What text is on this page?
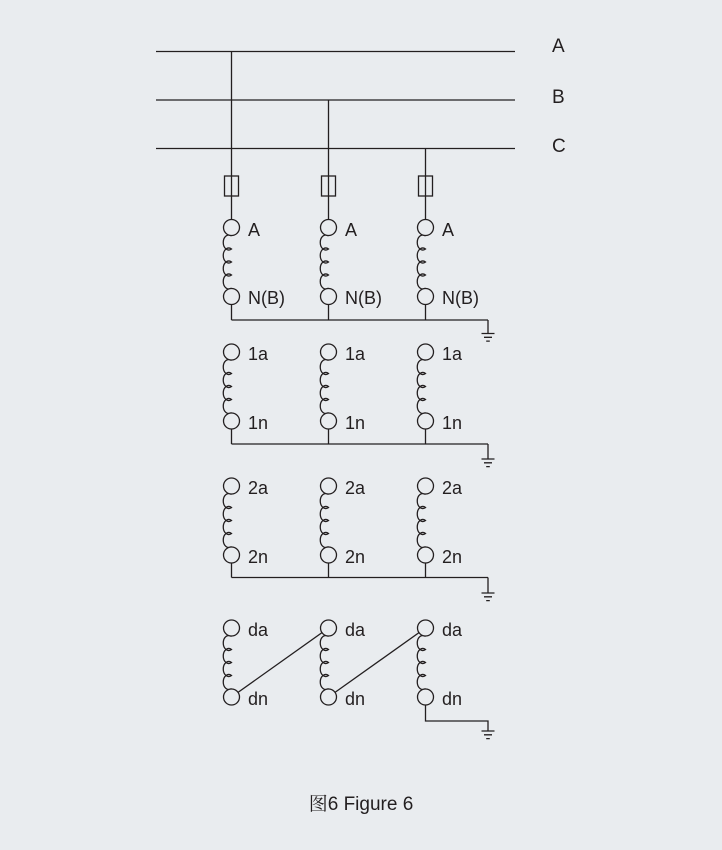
A
B
C
A	A	A
N(B)	N(B)	N(B)
1a	1a	1a
1n	1n	1n
2a	2a	2a
2n	2n	2n
da	da	da
dn	dn	dn
图6 Figure 6
